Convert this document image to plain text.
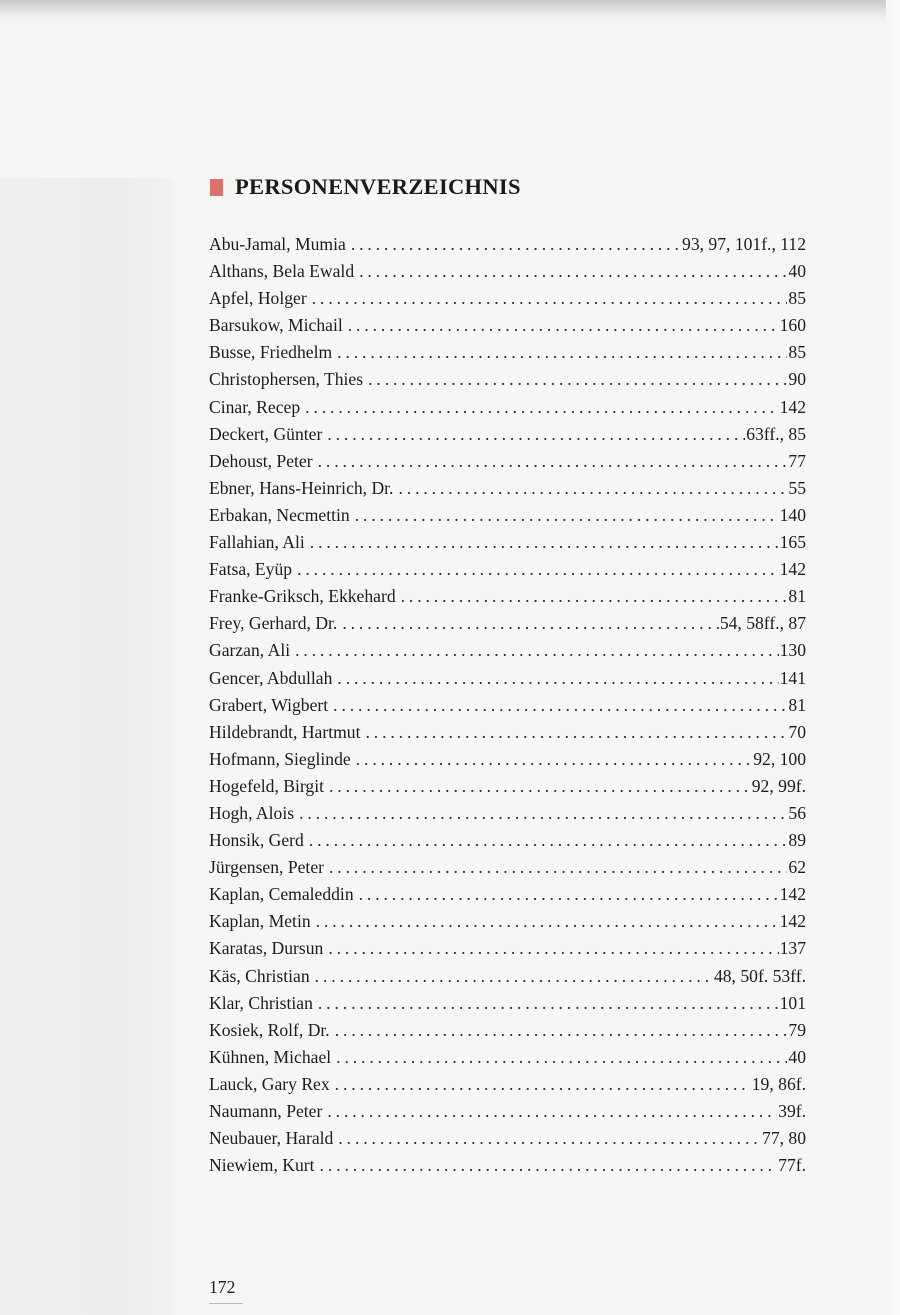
PERSONENVERZEICHNIS
Abu-Jamal, Mumia .....	93, 97, 101f., 112
Althans, Bela Ewald .....	40
Apfel, Holger .....	85
Barsukow, Michail .....	160
Busse, Friedhelm .....	85
Christophersen, Thies .....	90
Cinar, Recep .....	142
Deckert, Günter .....	63ff., 85
Dehoust, Peter .....	77
Ebner, Hans-Heinrich, Dr. .....	55
Erbakan, Necmettin .....	140
Fallahian, Ali .....	165
Fatsa, Eyüp .....	142
Franke-Griksch, Ekkehard .....	81
Frey, Gerhard, Dr. .....	54, 58ff., 87
Garzan, Ali .....	130
Gencer, Abdullah .....	141
Grabert, Wigbert .....	81
Hildebrandt, Hartmut .....	70
Hofmann, Sieglinde .....	92, 100
Hogefeld, Birgit .....	92, 99f.
Hogh, Alois .....	56
Honsik, Gerd .....	89
Jürgensen, Peter .....	62
Kaplan, Cemaleddin .....	142
Kaplan, Metin .....	142
Karatas, Dursun .....	137
Käs, Christian .....	48, 50f. 53ff.
Klar, Christian .....	101
Kosiek, Rolf, Dr. .....	79
Kühnen, Michael .....	40
Lauck, Gary Rex .....	19, 86f.
Naumann, Peter .....	39f.
Neubauer, Harald .....	77, 80
Niewiem, Kurt .....	77f.
172
